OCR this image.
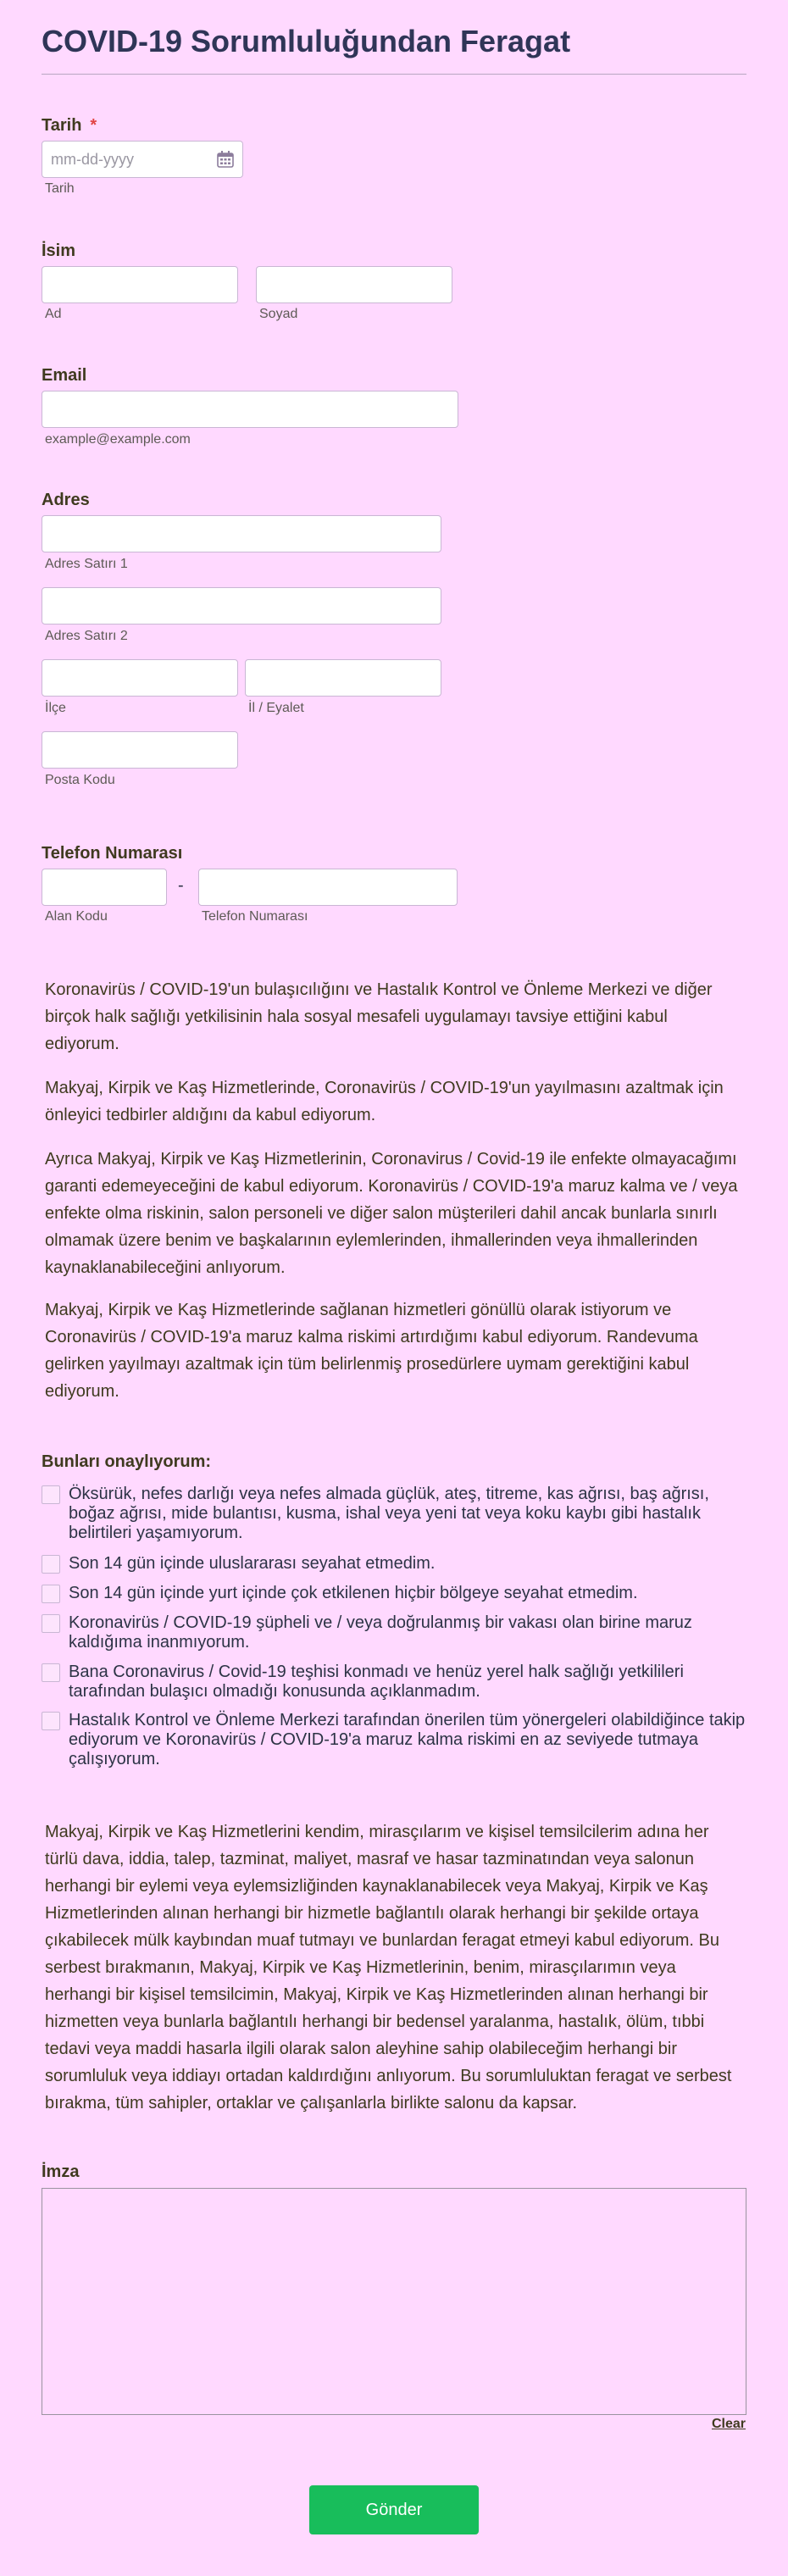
COVID-19 Sorumluluğundan Feragat
Tarih *
mm-dd-yyyy
Tarih
İsim
Ad	Soyad
Email
example@example.com
Adres
Adres Satırı 1
Adres Satırı 2
İlçe	İl / Eyalet
Posta Kodu
Telefon Numarası
-
Alan Kodu	Telefon Numarası

Koronavirüs / COVID-19'un bulaşıcılığını ve Hastalık Kontrol ve Önleme Merkezi ve diğer birçok halk sağlığı yetkilisinin hala sosyal mesafeli uygulamayı tavsiye ettiğini kabul ediyorum.

Makyaj, Kirpik ve Kaş Hizmetlerinde, Coronavirüs / COVID-19'un yayılmasını azaltmak için önleyici tedbirler aldığını da kabul ediyorum.

Ayrıca Makyaj, Kirpik ve Kaş Hizmetlerinin, Coronavirus / Covid-19 ile enfekte olmayacağımı garanti edemeyeceğini de kabul ediyorum. Koronavirüs / COVID-19'a maruz kalma ve / veya enfekte olma riskinin, salon personeli ve diğer salon müşterileri dahil ancak bunlarla sınırlı olmamak üzere benim ve başkalarının eylemlerinden, ihmallerinden veya ihmallerinden kaynaklanabileceğini anlıyorum.

Makyaj, Kirpik ve Kaş Hizmetlerinde sağlanan hizmetleri gönüllü olarak istiyorum ve Coronavirüs / COVID-19'a maruz kalma riskimi artırdığımı kabul ediyorum. Randevuma gelirken yayılmayı azaltmak için tüm belirlenmiş prosedürlere uymam gerektiğini kabul ediyorum.

Bunları onaylıyorum:
Öksürük, nefes darlığı veya nefes almada güçlük, ateş, titreme, kas ağrısı, baş ağrısı, boğaz ağrısı, mide bulantısı, kusma, ishal veya yeni tat veya koku kaybı gibi hastalık belirtileri yaşamıyorum.
Son 14 gün içinde uluslararası seyahat etmedim.
Son 14 gün içinde yurt içinde çok etkilenen hiçbir bölgeye seyahat etmedim.
Koronavirüs / COVID-19 şüpheli ve / veya doğrulanmış bir vakası olan birine maruz kaldığıma inanmıyorum.
Bana Coronavirus / Covid-19 teşhisi konmadı ve henüz yerel halk sağlığı yetkilileri tarafından bulaşıcı olmadığı konusunda açıklanmadım.
Hastalık Kontrol ve Önleme Merkezi tarafından önerilen tüm yönergeleri olabildiğince takip ediyorum ve Koronavirüs / COVID-19'a maruz kalma riskimi en az seviyede tutmaya çalışıyorum.

Makyaj, Kirpik ve Kaş Hizmetlerini kendim, mirasçılarım ve kişisel temsilcilerim adına her türlü dava, iddia, talep, tazminat, maliyet, masraf ve hasar tazminatından veya salonun herhangi bir eylemi veya eylemsizliğinden kaynaklanabilecek veya Makyaj, Kirpik ve Kaş Hizmetlerinden alınan herhangi bir hizmetle bağlantılı olarak herhangi bir şekilde ortaya çıkabilecek mülk kaybından muaf tutmayı ve bunlardan feragat etmeyi kabul ediyorum. Bu serbest bırakmanın, Makyaj, Kirpik ve Kaş Hizmetlerinin, benim, mirasçılarımın veya herhangi bir kişisel temsilcimin, Makyaj, Kirpik ve Kaş Hizmetlerinden alınan herhangi bir hizmetten veya bunlarla bağlantılı herhangi bir bedensel yaralanma, hastalık, ölüm, tıbbi tedavi veya maddi hasarla ilgili olarak salon aleyhine sahip olabileceğim herhangi bir sorumluluk veya iddiayı ortadan kaldırdığını anlıyorum. Bu sorumluluktan feragat ve serbest bırakma, tüm sahipler, ortaklar ve çalışanlarla birlikte salonu da kapsar.

İmza
Clear
Gönder
